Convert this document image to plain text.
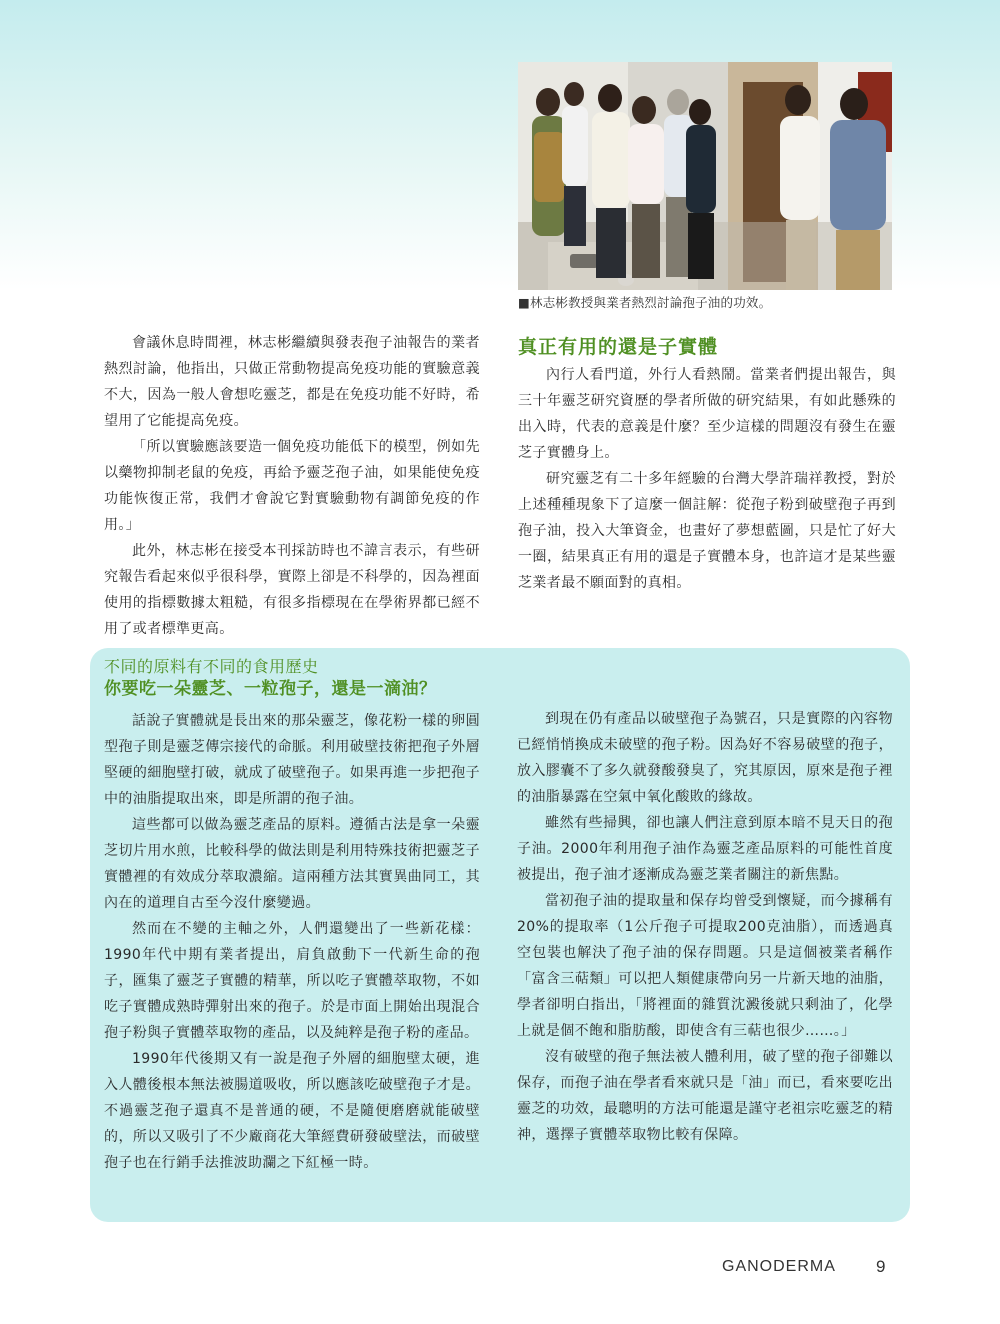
■林志彬教授與業者熱烈討論孢子油的功效。

會議休息時間裡，林志彬繼續與發表孢子油報告的業者熱烈討論，他指出，只做正常動物提高免疫功能的實驗意義不大，因為一般人會想吃靈芝，都是在免疫功能不好時，希望用了它能提高免疫。

「所以實驗應該要造一個免疫功能低下的模型，例如先以藥物抑制老鼠的免疫，再給予靈芝孢子油，如果能使免疫功能恢復正常，我們才會說它對實驗動物有調節免疫的作用。」

此外，林志彬在接受本刊採訪時也不諱言表示，有些研究報告看起來似乎很科學，實際上卻是不科學的，因為裡面使用的指標數據太粗糙，有很多指標現在在學術界都已經不用了或者標準更高。

真正有用的還是子實體

內行人看門道，外行人看熱鬧。當業者們提出報告，與三十年靈芝研究資歷的學者所做的研究結果，有如此懸殊的出入時，代表的意義是什麼？至少這樣的問題沒有發生在靈芝子實體身上。

研究靈芝有二十多年經驗的台灣大學許瑞祥教授，對於上述種種現象下了這麼一個註解：從孢子粉到破壁孢子再到孢子油，投入大筆資金，也畫好了夢想藍圖，只是忙了好大一圈，結果真正有用的還是子實體本身，也許這才是某些靈芝業者最不願面對的真相。

不同的原料有不同的食用歷史
你要吃一朵靈芝、一粒孢子，還是一滴油？

話說子實體就是長出來的那朵靈芝，像花粉一樣的卵圓型孢子則是靈芝傳宗接代的命脈。利用破壁技術把孢子外層堅硬的細胞壁打破，就成了破壁孢子。如果再進一步把孢子中的油脂提取出來，即是所謂的孢子油。

這些都可以做為靈芝產品的原料。遵循古法是拿一朵靈芝切片用水煎，比較科學的做法則是利用特殊技術把靈芝子實體裡的有效成分萃取濃縮。這兩種方法其實異曲同工，其內在的道理自古至今沒什麼變過。

然而在不變的主軸之外，人們還變出了一些新花樣：1990年代中期有業者提出，肩負啟動下一代新生命的孢子，匯集了靈芝子實體的精華，所以吃子實體萃取物，不如吃子實體成熟時彈射出來的孢子。於是市面上開始出現混合孢子粉與子實體萃取物的產品，以及純粹是孢子粉的產品。

1990年代後期又有一說是孢子外層的細胞壁太硬，進入人體後根本無法被腸道吸收，所以應該吃破壁孢子才是。不過靈芝孢子還真不是普通的硬，不是隨便磨磨就能破壁的，所以又吸引了不少廠商花大筆經費研發破壁法，而破壁孢子也在行銷手法推波助瀾之下紅極一時。

到現在仍有產品以破壁孢子為號召，只是實際的內容物已經悄悄換成未破壁的孢子粉。因為好不容易破壁的孢子，放入膠囊不了多久就發酸發臭了，究其原因，原來是孢子裡的油脂暴露在空氣中氧化酸敗的緣故。

雖然有些掃興，卻也讓人們注意到原本暗不見天日的孢子油。2000年利用孢子油作為靈芝產品原料的可能性首度被提出，孢子油才逐漸成為靈芝業者關注的新焦點。

當初孢子油的提取量和保存均曾受到懷疑，而今據稱有20%的提取率（1公斤孢子可提取200克油脂），而透過真空包裝也解決了孢子油的保存問題。只是這個被業者稱作「富含三萜類」可以把人類健康帶向另一片新天地的油脂，學者卻明白指出，「將裡面的雜質沈澱後就只剩油了，化學上就是個不飽和脂肪酸，即使含有三萜也很少……。」

沒有破壁的孢子無法被人體利用，破了壁的孢子卻難以保存，而孢子油在學者看來就只是「油」而已，看來要吃出靈芝的功效，最聰明的方法可能還是謹守老祖宗吃靈芝的精神，選擇子實體萃取物比較有保障。

GANODERMA 9
